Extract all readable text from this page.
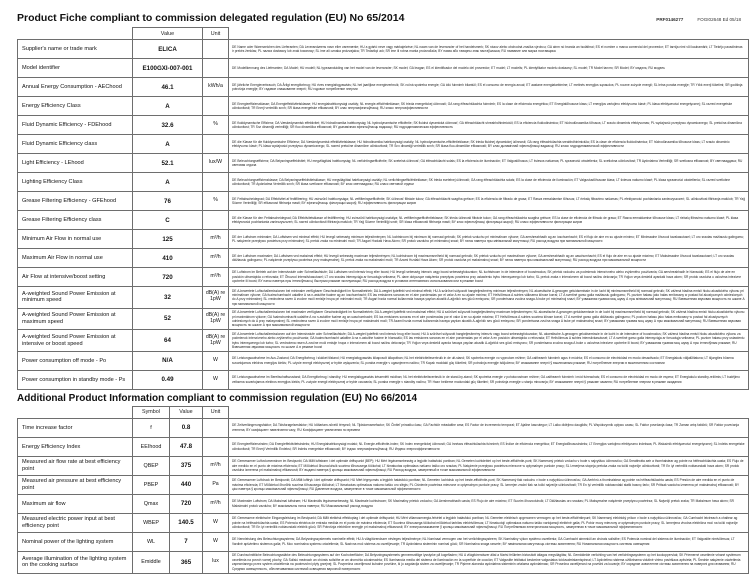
Product Fiche compliant to commission delegated regulation (EU) No 65/2014	PRF0146277	FOGI02648 Ed 05/18
	Value	Unit	
Supplier's name or trade mark	ELICA		DE Name oder Warenzeichen des Lieferanten; DA Leverandørens navn eller varemærke; HU a gyártó neve vagy márkajelzése; NL naam van de leverancier of het handelsmerk; SK názov alebo obchodná značka výrobcu; GA ainm nó branda an tsoláthraí; ES el nombre o marca comercial del proveedor; ET tarnija nimi või kaubamärk; LT Tiekėjo pavadinimas ir prekės ženklas; PL nazwa dostawcy lub znak towarowy; SL ime ali oznaka proizvajalca; TR Tedarikçi adı; SR ime ili robna marka proizvođača; BY назва або таварны знак пастаўшчыка; RU название или марка поставщика
Model identifier	E100GXI-007-001		DE Modellkennung des Lieferanten; DA Model; HU modell; NL typeaanduiding van het model van de leverancier; SK model; GA leagan; ES el identificador del modelo del proveedor; ET mudel; LT modelis; PL identyfikator modelu dostawcy; SL model; TR Model tanımı; SR Model; BY мадэль; RU модель
Annual Energy Consumption - AEChood	46.1	kWh/a	DE jährliche Energieverbrauch; DA Årligt energiforbrug; HU éves energiafogyasztás; NL het jaarlijkse energieverbruik; SK ročná spotreba energie; GA ídiú fuinnimh bliantúil; ES el consumo de energía anual; ET aastane energiatarbimine; LT metinės energijos sąnaudos; PL roczne zużycie energii; SL letna poraba energije; TR Yıllık enerji tüketimi; SR godišnja potrošnja energije; BY гадавое спажыванне энергіі; RU годовое потребление энергии
Energy Efficiency Class	A		DE Energieeffizienzklasse; DA Energieffektivitetsklasse; HU energiahatékonysági osztály; NL energie-efficiëntieklasse; SK trieda energetickej účinnosti; GA rang éifeachtúlachta fuinnimh; ES la clase de eficiencia energética; ET Energiatõhususe klass; LT energijos vartojimo efektyvumo klasė; PL klasa efektywności energetycznej; SL razred energetske učinkovitosti; TR Enerji verimlilik sınıfı; SR klasa energetske efikasnosti; BY клас энергаэфектыўнасці; RU класс энергоэффективности
Fluid Dynamic Efficiency - FDEhood	32.6	%	DE fluiddynamische Effizienz; DA Væskedynamisk effektivitet; HU hidrodinamika hatékonyság; NL hydrodynamische efficiëntie; SK fluidná dynamická účinnosť; GA éifeachtúlacht shreabhdhinimiciúil; ES la eficiencia fluidodinámica; ET hüdrodünaamika tõhusus; LT srauto dinaminis efektyvumas; PL wydajność przepływu dynamicznego; SL pretočna dinamična učinkovitost; TR Sıvı dinamiği verimliliği; SR fluo dinamička efikasnost; BY дынамічная эфектыўнасць вадкасці; RU гидродинамическая эффективность
Fluid Dynamic Efficiency class	A		DE die Klasse für die fluiddynamische Effizienz; DA Væskedynamisk effektivitetsklasse; HU hidrodinamika hatékonysági osztály; NL hydrodynamische-efficiëntieklasse; SK trieda fluidnej dynamickej účinnosti; GA rang éifeachtúlachta sreabhdhinimiciúla; ES la clase de eficiencia fluidodinámica; ET hüdrodünaamika tõhususe klass; LT srauto dinaminio efektyvumo klasė; PL klasa wydajności przepływu dynamicznego; SL razred pretočne dinamične učinkovitosti; TR Sıvı dinamiği verimlilik sınıfı; SR klasa fluo-dinamičke efikasnosti; BY клас дынамічнай эфектыўнасці вадкасці; RU класс гидродинамической эффективности
Light Efficiency - LEhood	52.1	lux/W	DE Beleuchtungseffizienz; DA Belysningseffektivitet; HU megvilágítási hatékonyság; NL verlichtingsefficiëntie; SK svetelná účinnosť; GA éifeachtúlacht solais; ES la eficiencia de iluminación; ET Valgustõhusus; LT šviesos našumas; PL sprawność oświetlenia; SL svetlobna učinkovitost; TR Aydınlatma Verimliliği; SR svetlosna efikasnost; BY светлааддача; RU световая отдача
Lighting Efficiency Class	A		DE Beleuchtungseffizienzklasse; DA Belysningseffektivitetsklasse; HU megvilágítási hatékonysági osztály; NL verlichtingsefficiëntieklasse; SK trieda svetelnej účinnosti; GA rang éifeachtúlachta solais; ES la clase de eficiencia de iluminación; ET Valgustustõhususe klass; LT šviesos našumo klasė; PL klasa sprawności oświetlenia; SL razred svetlobne učinkovitosti; TR Aydınlatma Verimlilik sınıfı; SR klasa svetlosne efikasnosti; BY клас светлаадачы; RU класс световой отдачи
Grease Filtering Efficiency - GFEhood	76	%	DE Fettabscheidegrad; DA Effektivitet af fedtfiltrering; HU zsírszűrő hatékonysága; NL vetfilteringsefficiëntie; SK účinnosť filtrácie tukov; GA éifeachtúlacht scagtha gréisce; ES la eficiencia de filtrado de grasa; ET Rasva eemaldamise tõhusus; LT riebalų filtravimo našumas; PL efektywność pochłaniania zanieczyszczeń; SL učinkovitost filtriranja maščob; TR Yağ Süzme Verimliliği; SR efikasnost filtriranja masti; BY эфектыўнасць фільтрацыі жыроў; RU эффективность фильтрации жиров
Grease Filtering Efficiency class	C		DE die Klasse für den Fettabscheidegrad; DA Effektivitetsklasse af fedtfiltrering; HU zsírszűrő hatékonysági osztálya; NL vetfilteringsefficiëntieklasse; SK trieda účinnosti filtrácie tukov; GA rang éifeachtúlachta scagtha gréisce; ES la clase de eficiencia de filtrado de grasa; ET Rasva eemaldamise tõhususe klass; LT riebalų filtravimo našumo klasė; PL klasa efektywności pochłaniania zanieczyszczeń; SL razred učinkovitosti filtriranja maščob; TR Yağ Süzme Verimliliği sınıfı; SR klasa efikasnosti filtriranja masti; BY клас эфектыўнасці фільтрацыі жыроў; RU класс эффективности фильтрации жиров
Minimum Air Flow in normal use	125	m³/h	DE der Luftstrom minimaler; DA Luftstrøm ved minimal effekt; HU levegő sebesség minimum teljesítményen; NL luchtstroom bij minimum bij normaal gebruik; SK prietok vzduchu pri minimálnom výkone; GA aershreabhadh ag an íoschumhacht; ES el flujo de aire en su ajuste mínimo; ET Minimaalne õhuvool tavakasutusel; LT oro srautas mažiausiu galingumu; PL natężenie przepływu powietrza przy minimalnej; SL pretok zraka na minimalni moči; TR Asgari Hızdaki Hava Akımı; SR protok vazduha pri minimalnoj snazi; BY паток паветра пры мінімальнай магутнасці; RU расход воздуха при минимальной мощности
Maximum Air Flow in normal use	410	m³/h	DE der Luftstrom maximaler; DA Luftstrøm ved maksimal effekt; HU levegő sebesség maximum teljesítményen; NL luchtstroom bij maximumsnelheid bij normaal gebruik; SK prietok vzduchu pri maximálnom výkone; GA aershreabhadh ag an uaschumhacht; ES el flujo de aire en su ajuste máximo; ET Maksimaalne õhuvool tavakasutusel; LT oro srautas didžiausiu galingumu; PL natężenie przepływu powietrza przy maksymalnej; SL pretok zraka na maksimalni moči; TR Azami Hızdaki Hava Akımı; SR protok vazduha pri maksimalnoj snazi; BY паток паветра пры максімальнай магутнасці; RU расход воздуха при максимальной мощности
Air Flow at intensive/boost setting	720	m³/h	DE Luftstrom im Betrieb auf der Intensivstufe oder Schnelllaufstufe; DA Luftstrøm ved intensiv brug eller boost; HU levegő sebesség intenzív vagy boost sebességfokozaton; NL luchtstroom in de intensieve of boostmodus; SK prietok vzduchu za podmienok intenzívneho alebo zvýšeného používania; GA aershreabhadh le hIanscálú; ES el flujo de aire en posición ultrarrápida o reforzada; ET Õhuvool intensiivkasutusel; LT oro srautas intensyviąja ar forsuotąja veiksena; PL dane dotyczące natężenia przepływu powietrza przy ustawieniu trybu intensywnego lub turbo; SL pretok zraka v intenzivnem ali boost načinu delovanja; TR Yoğun veya destekli ayardaki hava akımı; SR protok vazduha u uslovima intezivne upotrebe ili boost; BY паток паветра пры інтэнсіўным ці быстрым рэжыме эксплуатацыі; RU расход воздуха в условиях интенсивного использования или в режиме boost
A-weighted Sound Power Emission at minimum speed	32	dB(A) re 1pW	DE A-bewertete Luftschallemissionen bei minimaler verfügbarer Geschwindigkeit im Normalbetrieb; DA A-vægtet lydeffekt ved minimal effekt; HU A szűrővel súlyozott hangteljesítmény minimum teljesítményen; NL akoestische A-gewogen geluidsemissie in de lucht bij minimumsnelheid bij normaal gebruik; SK vážená hladina emisií hluku akustického výkonu pri minimálnom výkone; GA fuaimchumhacht ualaithe A na n-astuithe fuaime ag an íoschumhacht; ES las emisiones sonoras en el aire ponderadas por el valor A en su ajuste mínimo; ET Helivõimsus A suhtes väiksema kiiruse korral; LT A svertinė garso galia mažiausiu galingumu; PL poziom hałasu jako hałas emitowany w postaci fal akustycznych odniesionych do A przy minimalnej; SL vrednotena raven A zvočne moči emisije hrupa pri minimalni moči; TR Asgari hızda normal kullanımda havaya yayılan akustik A-ağırlıklı ses gücü emisyonu; SR ponderisana zvučna snaga A buke pri minimalnoj snazi; BY узважаная гукавая моц шуму А пры мінімальнай магутнасці; RU Взвешенная звуковая мощность по шкале А при минимальной мощности
A-weighted Sound Power Emission at maximum speed	52	dB(A) re 1pW	DE A-bewertete Luftschallemissionen bei maximaler verfügbarer Geschwindigkeit im Normalbetrieb; DA A-vægtet lydeffekt ved maksimal effekt; HU A szűrővel súlyozott hangteljesítmény maximum teljesítményen; NL akoestische A-gewogen geluidsemissie in de lucht bij maximumsnelheid bij normaal gebruik; SK vážená hladina emisií hluku akustického výkonu pri maximálnom výkone; GA fuaimchumhacht ualaithe A na n-astuithe fuaime ag an uaschumhacht; ES las emisiones sonoras en el aire ponderadas por el valor A en su ajuste máximo; ET Helivõimsus A suhtes suurima kiiruse korral; LT A svertinė garso galia didžiausiu galingumu; PL poziom hałasu jako hałas emitowany w postaci fal akustycznych odniesionych do A przy maksymalnej; SL vrednotena raven A zvočne moči emisije hrupa pri maksimalni moči; TR Azami hızda normal kullanımda havaya yayılan akustik A-ağırlıklı ses gücü emisyonu; SR ponderisana zvučna snaga A buke pri maksimalnoj snazi; BY узважаная гукавая моц шуму А пры максімальнай магутнасці; RU Взвешенная звуковая мощность по шкале А при максимальной мощности
A-weighted Sound Power Emission at intensive or boost speed	64	dB(A) re 1pW	DE A-bewertete Luftschallemissionen auf der Intensivstufe oder Schnelllaufstufe; DA A-vægtet lydeffekt ved intensiv brug eller boost; HU A szűrővel súlyozott hangteljesítmény intenzív vagy boost sebességfokozaton; NL akoestische A-gewogen geluidsemissie in de lucht in de intensieve of boostmodus; SK vážená hladina emisií hluku akustického výkonu za podmienok intenzívneho alebo zvýšeného používania; GA fuaimchumhacht ualaithe A na n-astuithe fuaime le hIanscálú; ES las emisiones sonoras en el aire ponderadas por el valor A en posición ultrarrápida o reforzada; ET Helivõimsus A suhtes intensiivkasutusel; LT A svertinė garso galia intensyviąja ar forsuotąja veiksena; PL poziom hałasu przy ustawieniu trybu intensywnego lub turbo; SL vrednotena raven A zvočne moči emisije hrupa v intenzivnem ali boost načinu delovanja; TR Yoğun veya destekli ayarda havaya yayılan akustik A-ağırlıklı ses gücü emisyonu; SR ponderisana zvučna snaga A buke u uslovima intezivne upotrebe ili boost; BY узважаная гукавая моц шуму А пры інтэнсіўным рэжыме; RU Взвешенная звуковая мощность по шкале А в режиме boost
Power consumption off mode - Po	N/A	W	DE Leistungsaufnahme im Aus-Zustand; DA Energiforbrug i slukket tilstand; HU energiafogyasztás kikapcsolt állapotban; NL het elektriciteitsverbruik in de uit-stand; SK spotreba energie vo vypnutom režime; GA caitheamh fuinnimh agus é múchta; ES el consumo de electricidad en modo desactivado; ET Energiakulu väljalülitatuna; LT išjungties būsena suvartojamos elektros energijos kiekis; PL użycie energii elektrycznej w trybie wyłączenia; SL poraba energije v ugasnjenem načinu; TR Kapalı moddaki güç tüketimi; SR potrošnja energije isključena; BY спажыванне энергіі ў выключаным рэжыме; RU потребление энергии в выключенном состоянии
Power consumption in standby mode - Ps	0.49	W	DE Leistungsaufnahme im Bereitschaftszustand; DA Energiforbrug i standby; HU energiafogyasztás készenléti módban; NL het elektriciteitsverbruik in de stand-by-stand; SK spotreba energie v pohotovostnom režime; GA caitheamh fuinnimh i mód fuireachais; ES el consumo de electricidad en modo de espera; ET Energiakulu standby-režiimis; LT budėjimo veiksena suvartojamos elektros energijos kiekis; PL zużycie energii elektrycznej w trybie czuwania; SL poraba energije v standby načinu; TR Hazır bekleme modundaki güç tüketimi; SR potrošnja energije u stanju mirovanja; BY спажыванне энергіі ў рэжыме чакання; RU потребление энергии в режиме ожидания
Additional Product Information compliant to commission regulation (EU) No 66/2014
	Symbol	Value	Unit	
Time increase factor	f	0.8		DE Zeitverlängerungsfaktor; DA Tidsforøgelsesfaktor; HU Időtartam-növelő tényező; NL Tijdstoenamefactor; SK Činiteľ prírastku času; GA Fachtóir méadaithe ama; ES Factor de incremento temporal; ET Ajaline kasvutegur; LT Laiko didėjimo daugiklis; PL Współczynnik upływu czasu; SL Faktor povečanja časa; TR Zaman artış faktörü; SR Faktor povećanja vremena; BY каэфіцыент павелічэння часу; RU Коэффициент увеличения по времени
Energy Efficiency Index	EEIhood	47.8		DE Energieeffizienzindex; DA Energieffektivitetsindeks; HU Energiahatékonysági mutató; NL Energie-efficiëntie-index; SK Index energetickej účinnosti; GA Innéacs éifeachtúlachta fuinnimh; ES Índice de eficiencia energética; ET Energiatõhususindeks; LT Energijos vartojimo efektyvumo indeksas; PL Wskaźnik efektywności energetycznej; SL Indeks energetske učinkovitosti; TR Enerji Verimlilik Endeksi; SR Indeks energetske efikasnosti; BY індэкс энергаэфектыўнасці; RU Индекс энергоэффективности
Measured air flow rate at best efficiency point	QBEP	375	m³/h	DE Gemessener Luftvolumenstrom im Bestpunkt; DA Målt luftstrøm i det optimale driftspunkt (BEP); HU Mért légáramsebesség a legjobb hatásfokú pontban; NL Gemeten luchtdebiet op het beste-efficiëntie-punt; SK Nameraný prietok vzduchu v bode s najvyššou účinnosťou; GA Sreabhráta aeir a thomhaistear ag pointe na héifeachtúlachta uasta; ES Flujo de aire medido en el punto de máxima eficiencia; ET Mõõdetud õhuvooluhulk suurima tõhususega töökohal; LT Išmatuotas optimalaus našumo taško oro srautas; PL Natężenie przepływu powietrza mierzone w optymalnym punkcie pracy; SL Izmerjena stopnja pretoka zraka na točki največje učinkovitosti; TR En iyi verimlilik noktasındaki hava akımı; SR protok vazduha izmerena pri maksimalnoj efikasnosti; BY выдаткі паветра ў кропцы максімальнай эфектыўнасці; RU Расход воздуха, замеренный в точке максимальной эффективности
Measured air pressure at best efficiency point	PBEP	440	Pa	DE Gemessener Luftdruck im Bestpunkt; DA Målt lufttryk i det optimale driftspunkt; HU Mért légnyomás a legjobb hatásfokú pontban; NL Gemeten luchtdruk op het beste-efficiëntie-punt; SK Nameraný tlak vzduchu v bode s najvyššou účinnosťou; GA Aerbhrú a thomhaistear ag pointe na héifeachtúlachta uasta; ES Presión de aire medida en el punto de máxima eficiencia; ET Mõõdetud õhurõhk suurima tõhususega töökohal; LT Išmatuotas optimalaus našumo taško oro slėgis; PL Ciśnienie powietrza mierzone w optymalnym punkcie pracy; SL Izmerjen zračni tlak na točki največje učinkovitosti; TR En iyi verimlilik noktasındaki statik basınç farkı; SR Pritisak vazduha izmerena pri maksimalnoj efikasnosti; BY ціск паветра ў кропцы максімальнай эфектыўнасці; RU Давление воздуха, замеренное в точке максимальной эффективности
Maximum air flow	Qmax	720	m³/h	DE Maximaler Luftstrom; DA Maksimal luftstrøm; HU Maximális légáramsebesség; NL Maximale luchtstroom; SK Maximálny prietok vzduchu; GA Aershreabhadh uasta; ES Flujo de aire máximo; ET Suurim õhuvooluhulk; LT Didžiausias oro srautas; PL Maksymalne natężenie przepływu powietrza; SL Največji pretok zraka; TR Maksimum hava akımı; SR Maksimalni protok vazduha; BY максімальны паток паветра; RU Максимальный расход воздуха
Measured electric power input at best efficiency point	WBEP	140.5	W	DE Gemessene elektrische Eingangsleistung im Bestpunkt; DA Målt elektrisk effektoptag i det optimale driftspunkt; HU Mért villamosenergia-felvétel a legjobb hatásfokú pontban; NL Gemeten elektrisch opgenomen vermogen op het beste-efficiëntiepunt; SK Nameraný elektrický príkon v bode s najvyššou účinnosťou; GA Cumhacht leictreach a chaitear ag pointe na héifeachtúlachta uasta; ES Potencia eléctrica de entrada medida en el punto de máxima eficiencia; ET Suurima tõhususega töökohal mõõdetud tarbitav elektrivõimsus; LT Išmatuotoji optimalaus našumo taško vartojamoji elektrinė galia; PL Pobór mocy mierzony w optymalnym punkcie pracy; SL Izmerjena vhodna električna moč na točki največje učinkovitosti; TR En iyi verimlilik noktasındaki elektrik gücü; SR Potrošnja električne energije pri maksimalnoj efikasnosti; BY электраспажыванне ў кропцы максімальнай эфектыўнасці; RU Потребляемая электрическая мощность, замеренная в точке максимальной эффективности
Nominal power of the lighting system	WL	7	W	DE Nennleistung des Beleuchtungssystems; DA Belysningssystemets nominelle effekt; HU A világítórendszer névleges teljesítménye; NL Nominaal vermogen van het verlichtingssysteem; SK Nominálny výkon systému osvetlenia; GA Cumhacht ainmniúil an chórais soilsithe; ES Potencia nominal del sistema de iluminación; ET Valgustite nimivõimsus; LT Vardinė apšvietimo sistemos galia; PL Moc nominalna systemu oświetlenia; SL Nazivna moč sistema za osvetljevanje; TR Aydınlatma sisteminin nominal gücü; SR Nominalna snaga rasvete; BY намінальная магутнасць сістэмы асвятлення; RU Номинальная мощность системы освещения
Average illumination of the lighting system on the cooking surface	Emiddle	365	lux	DE Durchschnittliche Beleuchtungsstärke des Beleuchtungssystems auf der Kochoberfläche; DA Belysningssystemets gennemsnitlige lysstyrke på kogefladen; HU A világítórendszer által a főzési felületen biztosított átlagos megvilágítás; NL Gemiddelde verlichting van het verlichtingssysteem op het kookoppervlak; SK Priemerné osvetlenie vrhané systémom osvetlenia na povrch varnej plochy; GA Soilsiú meánach an chórais soilsithe ar an dromchla cócaireachta; ES Iluminancia media del sistema de iluminación en la superficie de cocción; ET Valgustite tekitatud keskmine valgustatus toiduvalmistamispinnal; LT Apšvietimo sistema užtikrinama vidutinė virimo paviršiaus apšvieta; PL Średnie natężenie oświetlenia zapewnianego przez system oświetlenia na powierzchni płyty grzejnej; SL Povprečna osvetljenost kuhalne površine, ki jo zagotavlja sistem za osvetljevanje; TR Pişirme alanında aydınlatma sisteminin ortalama aydınlatması; SR Prosečna osvetljenost na površini za kuvanje; BY сярэдняе асвятленне сістэмы асвятлення на паверхні для гатавання; RU Средняя освещенность, обеспечиваемая системой освещения варочной поверхности
